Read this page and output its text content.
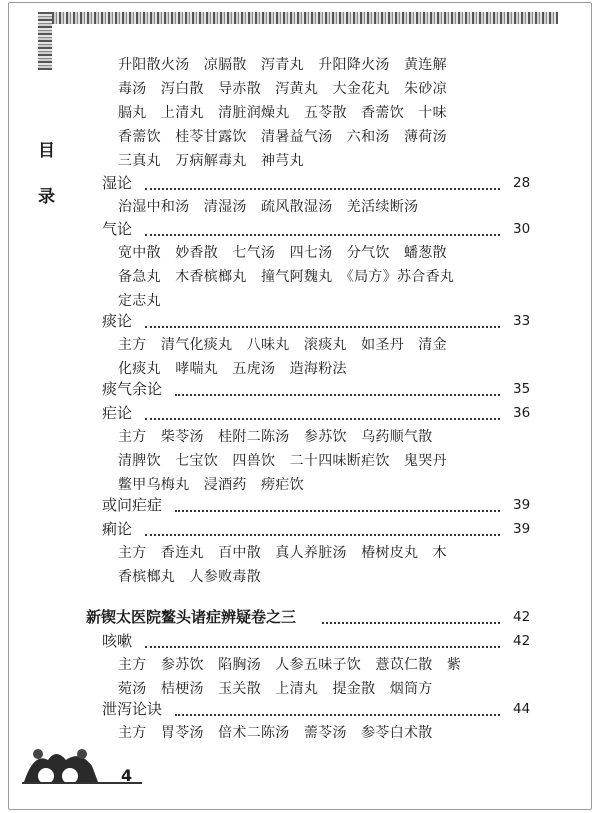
目
录
升阳散火汤　凉膈散　泻青丸　升阳降火汤　黄连解
毒汤　泻白散　导赤散　泻黄丸　大金花丸　朱砂凉
膈丸　上清丸　清脏润燥丸　五苓散　香薷饮　十味
香薷饮　桂苓甘露饮　清暑益气汤　六和汤　薄荷汤
三真丸　万病解毒丸　神芎丸
湿论	28
治湿中和汤　清湿汤　疏风散湿汤　羌活续断汤
气论	30
宽中散　妙香散　七气汤　四七汤　分气饮　蟠葱散
备急丸　木香槟榔丸　撞气阿魏丸　《局方》苏合香丸
定志丸
痰论	33
主方　清气化痰丸　八味丸　滚痰丸　如圣丹　清金
化痰丸　哮喘丸　五虎汤　造海粉法
痰气余论	35
疟论	36
主方　柴苓汤　桂附二陈汤　参苏饮　乌药顺气散
清脾饮　七宝饮　四兽饮　二十四味断疟饮　鬼哭丹
鳖甲乌梅丸　浸酒药　痨疟饮
或问疟症	39
痢论	39
主方　香连丸　百中散　真人养脏汤　椿树皮丸　木
香槟榔丸　人参败毒散
新锲太医院鳌头诸症辨疑卷之三	42
咳嗽	42
主方　参苏饮　陷胸汤　人参五味子饮　薏苡仁散　紫
菀汤　桔梗汤　玉关散　上清丸　提金散　烟筒方
泄泻论诀	44
主方　胃苓汤　倍术二陈汤　薷苓汤　参苓白术散
4
